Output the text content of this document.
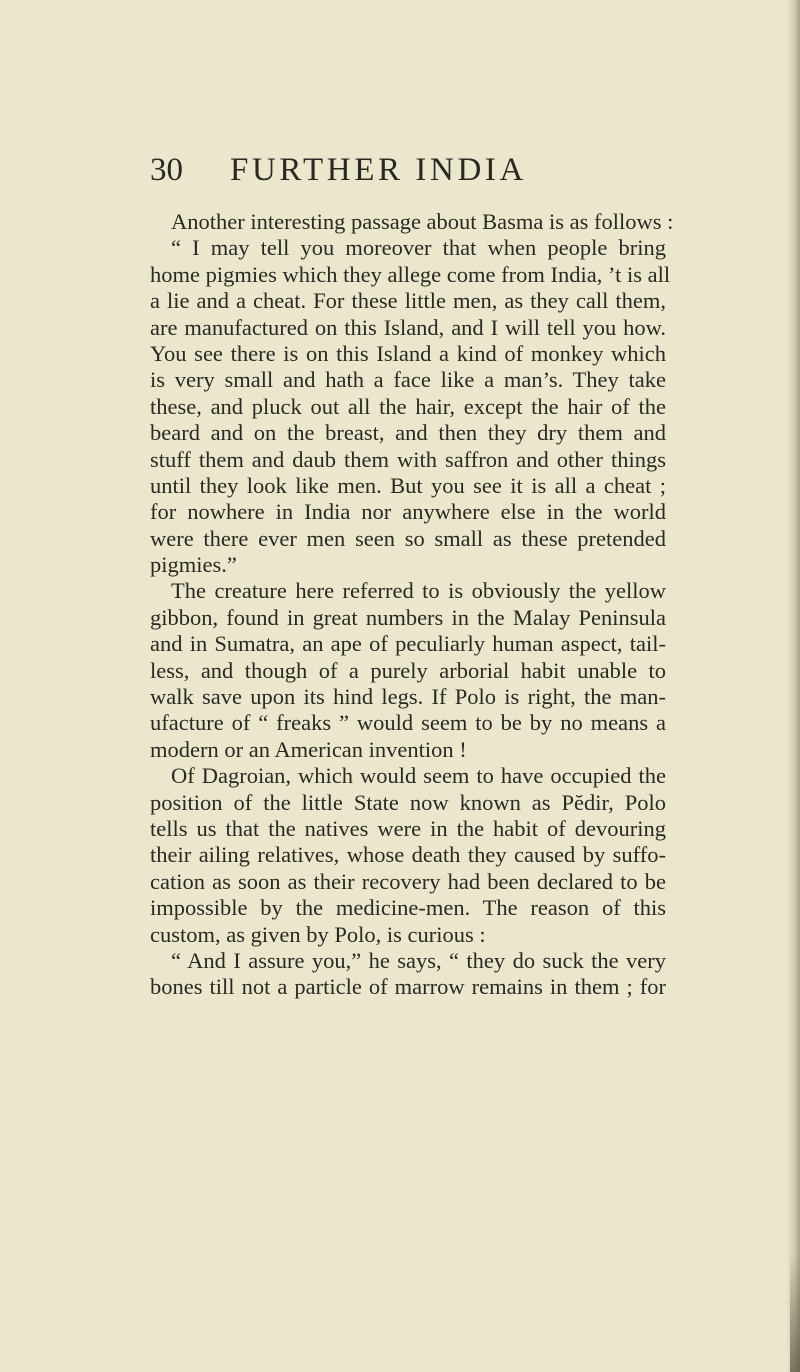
30 FURTHER INDIA
Another interesting passage about Basma is as follows :
“ I may tell you moreover that when people bring
home pigmies which they allege come from India, ’t is all
a lie and a cheat. For these little men, as they call them,
are manufactured on this Island, and I will tell you how.
You see there is on this Island a kind of monkey which
is very small and hath a face like a man’s. They take
these, and pluck out all the hair, except the hair of the
beard and on the breast, and then they dry them and
stuff them and daub them with saffron and other things
until they look like men. But you see it is all a cheat ;
for nowhere in India nor anywhere else in the world
were there ever men seen so small as these pretended
pigmies.”
The creature here referred to is obviously the yellow
gibbon, found in great numbers in the Malay Peninsula
and in Sumatra, an ape of peculiarly human aspect, tail-
less, and though of a purely arborial habit unable to
walk save upon its hind legs. If Polo is right, the man-
ufacture of “ freaks ” would seem to be by no means a
modern or an American invention !
Of Dagroian, which would seem to have occupied the
position of the little State now known as Pĕdir, Polo
tells us that the natives were in the habit of devouring
their ailing relatives, whose death they caused by suffo-
cation as soon as their recovery had been declared to be
impossible by the medicine-men. The reason of this
custom, as given by Polo, is curious :
“ And I assure you,” he says, “ they do suck the very
bones till not a particle of marrow remains in them ; for
